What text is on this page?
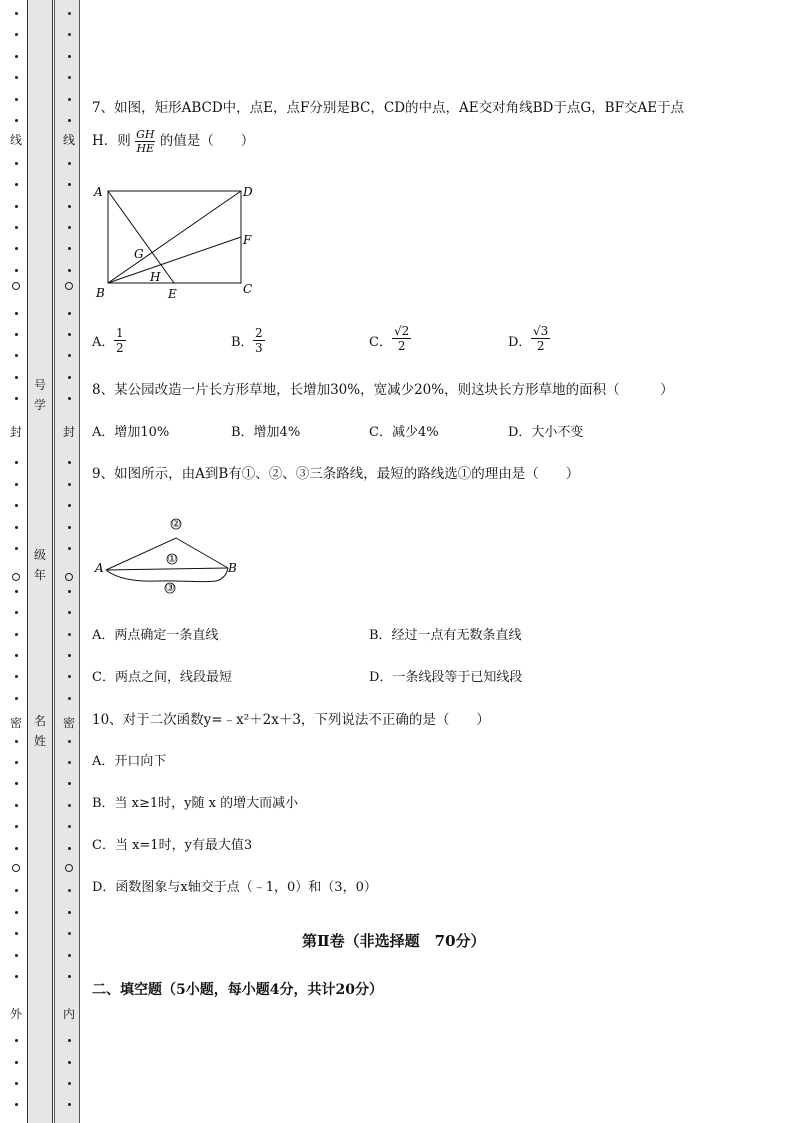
号学
级年
名姓
线
封
密
外
线
封
密
内
7、如图，矩形ABCD中，点E，点F分别是BC，CD的中点，AE交对角线BD于点G，BF交AE于点
H．则 $\frac{GH}{HE}$ 的值是（　　）
A	D
F
C
B	E
G
H
A． $\frac{1}{2}$	B． $\frac{2}{3}$	C． $\frac{√2}{2}$	D． $\frac{√3}{2}$
8、某公园改造一片长方形草地，长增加30%，宽减少20%，则这块长方形草地的面积（　　　）
A．增加10%	B．增加4%	C．减少4%	D．大小不变
9、如图所示，由A到B有①、②、③三条路线，最短的路线选①的理由是（　　）
A	B
②
①
③
A．两点确定一条直线	B．经过一点有无数条直线
C．两点之间，线段最短	D．一条线段等于已知线段
10、对于二次函数y=﹣x²＋2x＋3，下列说法不正确的是（　　）
A．开口向下
B．当 x≥1时，y随 x 的增大而减小
C．当 x=1时，y有最大值3
D．函数图象与x轴交于点（﹣1，0）和（3，0）
第Ⅱ卷（非选择题　70分）
二、填空题（5小题，每小题4分，共计20分）
